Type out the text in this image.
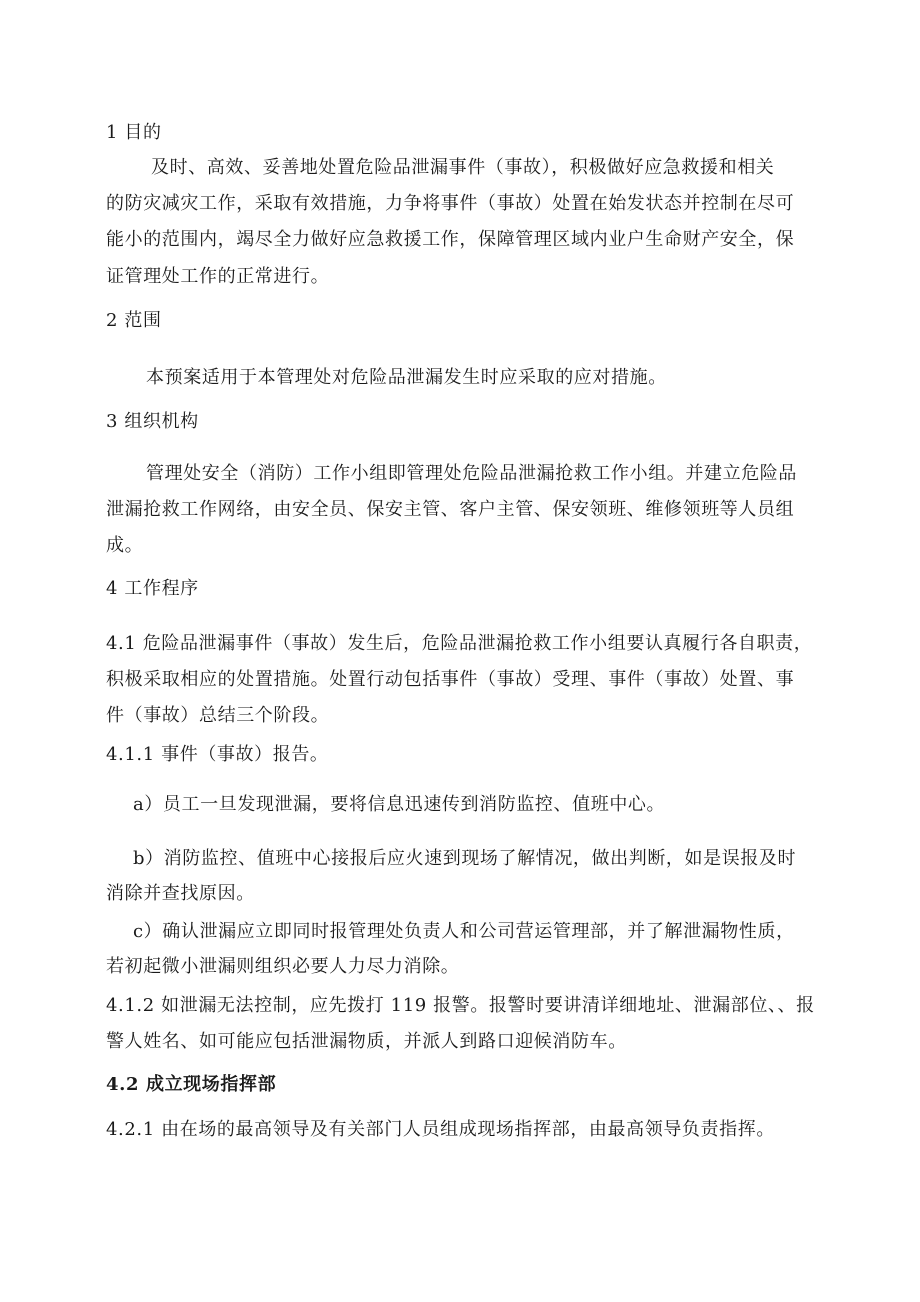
1 目的

及时、高效、妥善地处置危险品泄漏事件（事故），积极做好应急救援和相关

的防灾减灾工作，采取有效措施，力争将事件（事故）处置在始发状态并控制在尽可

能小的范围内，竭尽全力做好应急救援工作，保障管理区域内业户生命财产安全，保

证管理处工作的正常进行。

2 范围

本预案适用于本管理处对危险品泄漏发生时应采取的应对措施。

3 组织机构

管理处安全（消防）工作小组即管理处危险品泄漏抢救工作小组。并建立危险品

泄漏抢救工作网络，由安全员、保安主管、客户主管、保安领班、维修领班等人员组

成。

4 工作程序

4.1 危险品泄漏事件（事故）发生后，危险品泄漏抢救工作小组要认真履行各自职责，

积极采取相应的处置措施。处置行动包括事件（事故）受理、事件（事故）处置、事

件（事故）总结三个阶段。

4.1.1 事件（事故）报告。

a）员工一旦发现泄漏，要将信息迅速传到消防监控、值班中心。

b）消防监控、值班中心接报后应火速到现场了解情况，做出判断，如是误报及时

消除并查找原因。

c）确认泄漏应立即同时报管理处负责人和公司营运管理部，并了解泄漏物性质，

若初起微小泄漏则组织必要人力尽力消除。

4.1.2 如泄漏无法控制，应先拨打 119 报警。报警时要讲清详细地址、泄漏部位、、报

警人姓名、如可能应包括泄漏物质，并派人到路口迎候消防车。

4.2 成立现场指挥部

4.2.1 由在场的最高领导及有关部门人员组成现场指挥部，由最高领导负责指挥。
